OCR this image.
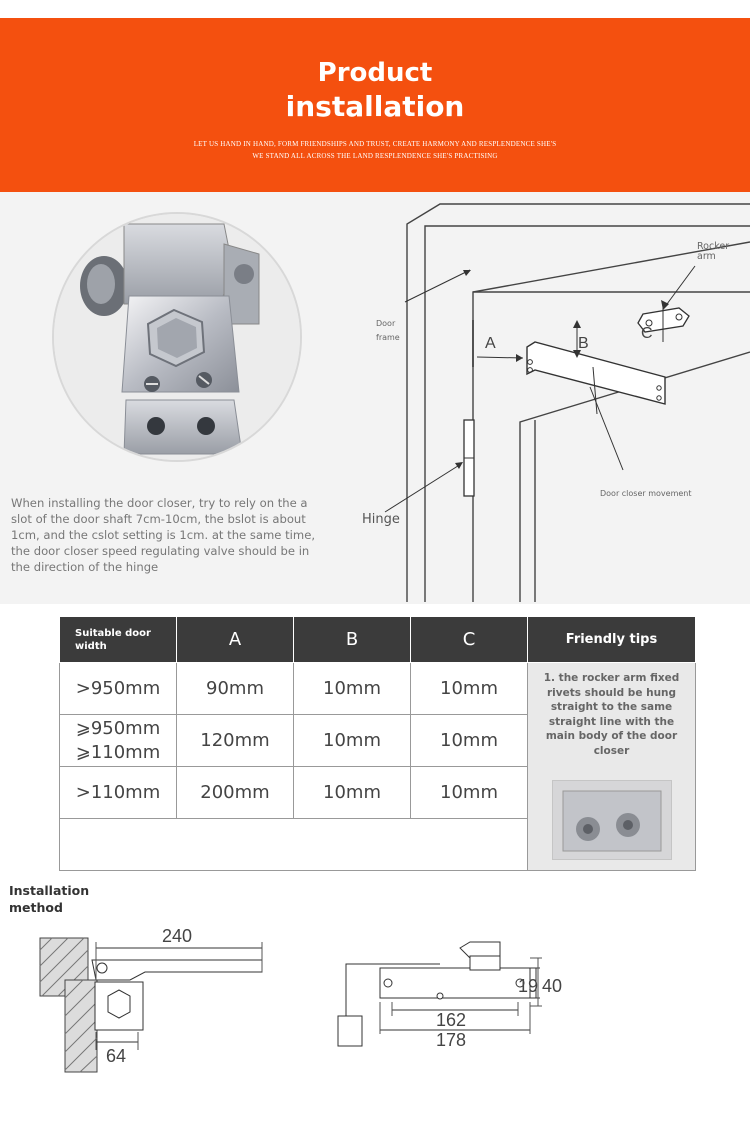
Product
installation
LET US HAND IN HAND, FORM FRIENDSHIPS AND TRUST, CREATE HARMONY AND RESPLENDENCE SHE'S
WE STAND ALL ACROSS THE LAND RESPLENDENCE SHE'S PRACTISING
When installing the door closer, try to rely on the a slot of the door shaft 7cm-10cm, the bslot is about 1cm, and the cslot setting is 1cm. at the same time, the door closer speed regulating valve should be in the direction of the hinge
A	B
C
Rocker
arm
Door
frame
Door closer movement
Hinge
Suitable door
width	A	B	C	Friendly tips
>950mm	90mm	10mm	10mm	1. the rocker arm fixed rivets should be hung straight to the same straight line with the main body of the door closer

⩾950mm
⩾110mm	120mm	10mm	10mm	
>110mm	200mm	10mm	10mm	

Installation
method
240
64
19 40
162
178
